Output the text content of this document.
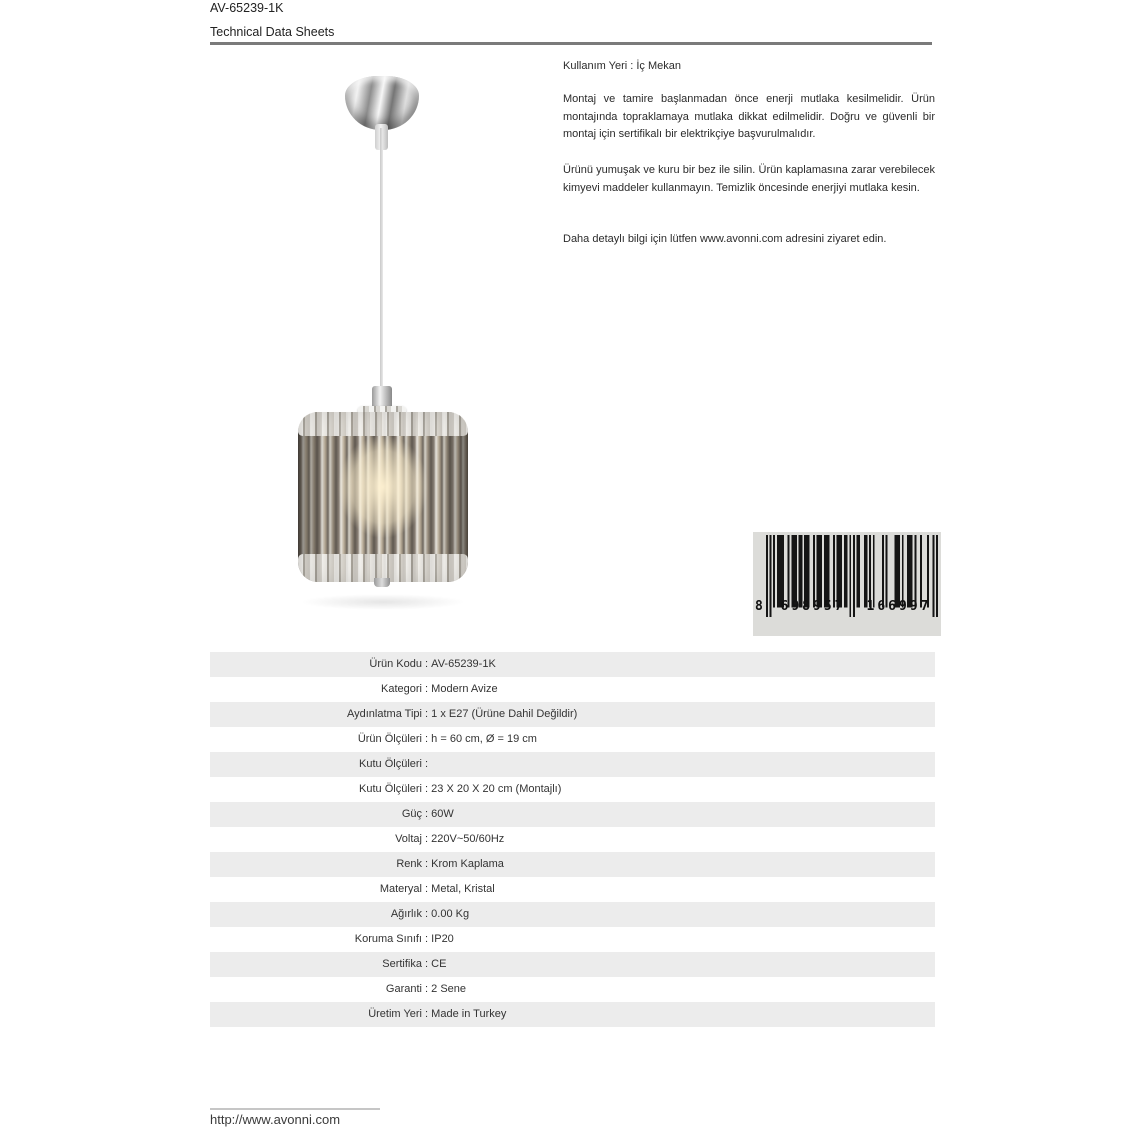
AV-65239-1K
Technical Data Sheets
Kullanım Yeri : İç Mekan
Montaj ve tamire başlanmadan önce enerji mutlaka kesilmelidir. Ürün montajında topraklamaya mutlaka dikkat edilmelidir. Doğru ve güvenli bir montaj için sertifikalı bir elektrikçiye başvurulmalıdır.
Ürünü yumuşak ve kuru bir bez ile silin. Ürün kaplamasına zarar verebilecek kimyevi maddeler kullanmayın. Temizlik öncesinde enerjiyi mutlaka kesin.
Daha detaylı bilgi için lütfen www.avonni.com adresini ziyaret edin.
8 698957 166997
Ürün Kodu : AV-65239-1K
Kategori : Modern Avize
Aydınlatma Tipi : 1 x E27 (Ürüne Dahil Değildir)
Ürün Ölçüleri : h = 60 cm, Ø = 19 cm
Kutu Ölçüleri :
Kutu Ölçüleri : 23 X 20 X 20 cm (Montajlı)
Güç : 60W
Voltaj : 220V~50/60Hz
Renk : Krom Kaplama
Materyal : Metal, Kristal
Ağırlık : 0.00 Kg
Koruma Sınıfı : IP20
Sertifika : CE
Garanti : 2 Sene
Üretim Yeri : Made in Turkey
http://www.avonni.com
